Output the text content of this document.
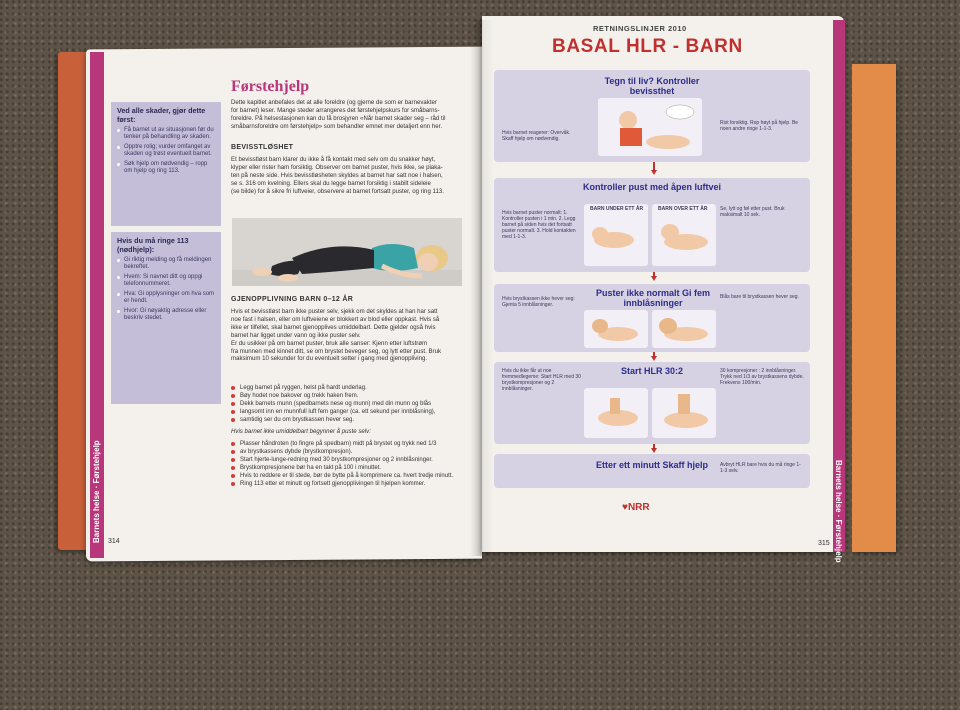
Barnets helse · Førstehjelp
Ved alle skader, gjør dette først:
Få barnet ut av situasjonen før du tenker på behandling av skaden.
Opptre rolig; vurder omfanget av skaden og trøst eventuelt barnet.
Søk hjelp om nødvendig – ropp om hjelp og ring 113.
Hvis du må ringe 113 (nødhjelp):
Gi riktig melding og få meldingen bekreftet.
Hvem: Si navnet ditt og oppgi telefonnummeret.
Hva: Gi opplysninger om hva som er hendt.
Hvor: Gi nøyaktig adresse eller beskriv stedet.
Førstehjelp
Dette kapitlet anbefales det at alle foreldre (og gjerne de som er barnevakter
for barnet) leser. Mange steder arrangeres det førstehjelpskurs for småbarns-
foreldre. På helsestasjonen kan du få brosjyren «Når barnet skader seg – råd til
småbarnsforeldre om førstehjelp» som behandler emnet mer detaljert enn her.
BEVISSTLØSHET
Et bevisstløst barn klarer du ikke å få kontakt med selv om du snakker høyt,
klyper eller rister ham forsiktig. Observer om barnet puster, hvis ikke, se plaka-
ten på neste side. Hvis bevisstløsheten skyldes at barnet har satt noe i halsen,
se s. 316 om kvelning. Ellers skal du legge barnet forsiktig i stabilt sideleie
(se bilde) for å sikre fri luftveier, observere at barnet fortsatt puster, og ring 113.
GJENOPPLIVNING BARN 0–12 ÅR
Hvis et bevisstløst barn ikke puster selv, sjekk om det skyldes at han har satt
noe fast i halsen, eller om luftveiene er blokkert av blod eller oppkast. Hvis så
ikke er tilfellet, skal barnet gjenopplives umiddelbart. Dette gjelder også hvis
barnet har ligget under vann og ikke puster selv.
Er du usikker på om barnet puster, bruk alle sanser: Kjenn etter luftstrøm
fra munnen med kinnet ditt, se om brystet beveger seg, og lytt etter pust. Bruk
maksimum 10 sekunder for du eventuelt setter i gang med gjenoppliving.
Legg barnet på ryggen, helst på hardt underlag.
Bøy hodet noe bakover og trekk haken frem.
Dekk barnets munn (spedbarnets nese og munn) med din munn og blås
langsomt inn en munnfull luft fem ganger (ca. ett sekund per innblåsning),
samtidig ser du om brystkassen hever seg.
Hvis barnet ikke umiddelbart begynner å puste selv:
Plasser håndroten (to fingre på spedbarn) midt på brystet og trykk ned 1/3
av brystkassens dybde (brystkompresjon).
Start hjerte-lunge-redning med 30 brystkompresjoner og 2 innblåsninger.
Brystkompresjonene bør ha en takt på 100 i minuttet.
Hvis to reddere er til stede, bør de bytte på å komprimere ca. hvert tredje minutt.
Ring 113 etter et minutt og fortsett gjenopplivingen til hjelpen kommer.
314	Barnets helse · Førstehjelp
RETNINGSLINJER 2010
BASAL HLR - BARN
Tegn til liv? Kontroller bevissthet
Hvis barnet reagerer: Overvåk. Skaff hjelp om nødvendig.
Rist forsiktig. Rop høyt på hjelp. Be noen andre ringe 1-1-3.
Kontroller pust med åpen luftvei
Hvis barnet puster normalt: 1. Kontroller pusten i 1 min. 2. Legg barnet på siden hvis det fortsatt puster normalt. 3. Hold kontakten med 1-1-3.
Se, lytt og føl etter pust. Bruk maksimalt 10 sek.
BARN UNDER ETT ÅR	BARN OVER ETT ÅR
Puster ikke normalt Gi fem innblåsninger
Hvis brystkassen ikke hever seg: Gjenta 5 innblåsninger.
Blås bare til brystkassen hever seg.
Start HLR 30:2
Hvis du ikke får ut noe fremmedlegeme: Start HLR med 30 brystkompresjoner og 2 innblåsninger.
30 kompresjoner : 2 innblåsninger. Trykk ned 1/3 av brystkassens dybde. Frekvens 100/min.
Etter ett minutt Skaff hjelp	Avbryt HLR bare hvis du må ringe 1-1-3 selv.
♥NRR
315
